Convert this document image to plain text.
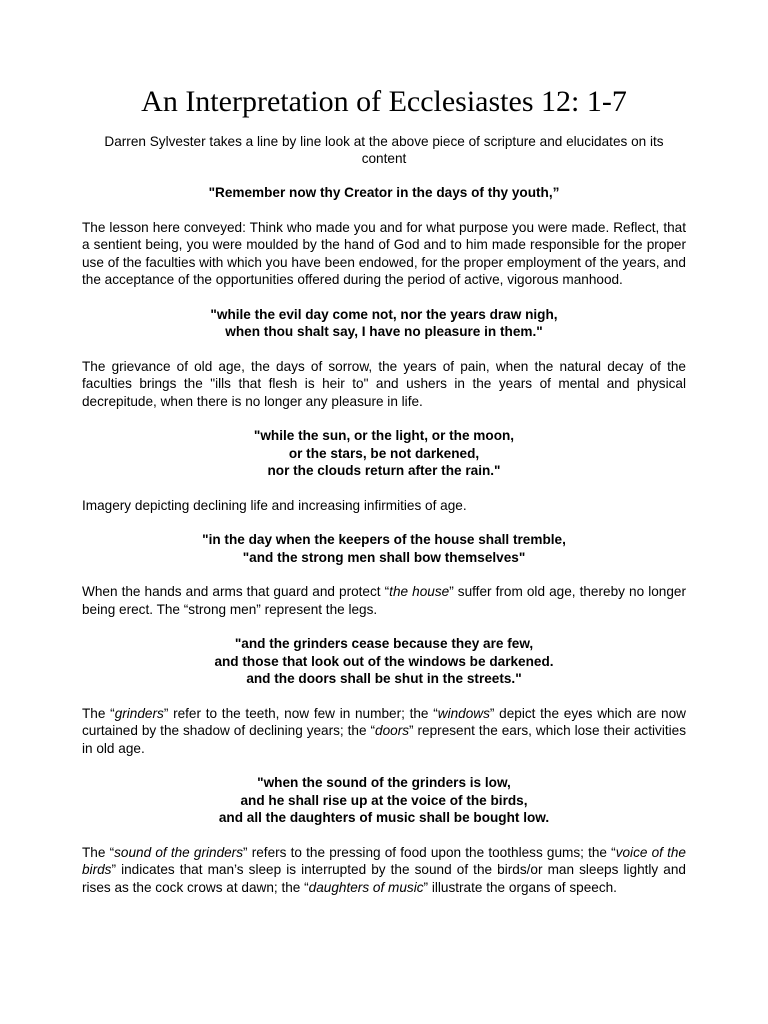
An Interpretation of Ecclesiastes 12: 1-7

Darren Sylvester takes a line by line look at the above piece of scripture and elucidates on its content

"Remember now thy Creator in the days of thy youth,”

The lesson here conveyed: Think who made you and for what purpose you were made. Reflect, that a sentient being, you were moulded by the hand of God and to him made responsible for the proper use of the faculties with which you have been endowed, for the proper employment of the years, and the acceptance of the opportunities offered during the period of active, vigorous manhood.

"while the evil day come not, nor the years draw nigh,
when thou shalt say, I have no pleasure in them."

The grievance of old age, the days of sorrow, the years of pain, when the natural decay of the faculties brings the "ills that flesh is heir to" and ushers in the years of mental and physical decrepitude, when there is no longer any pleasure in life.

"while the sun, or the light, or the moon,
or the stars, be not darkened,
nor the clouds return after the rain."

Imagery depicting declining life and increasing infirmities of age.

"in the day when the keepers of the house shall tremble,
"and the strong men shall bow themselves"

When the hands and arms that guard and protect “the house” suffer from old age, thereby no longer being erect. The “strong men” represent the legs.

"and the grinders cease because they are few,
and those that look out of the windows be darkened.
and the doors shall be shut in the streets."

The “grinders” refer to the teeth, now few in number; the “windows” depict the eyes which are now curtained by the shadow of declining years; the “doors” represent the ears, which lose their activities in old age.

"when the sound of the grinders is low,
and he shall rise up at the voice of the birds,
and all the daughters of music shall be bought low.

The “sound of the grinders” refers to the pressing of food upon the toothless gums; the “voice of the birds” indicates that man’s sleep is interrupted by the sound of the birds/or man sleeps lightly and rises as the cock crows at dawn; the “daughters of music” illustrate the organs of speech.
